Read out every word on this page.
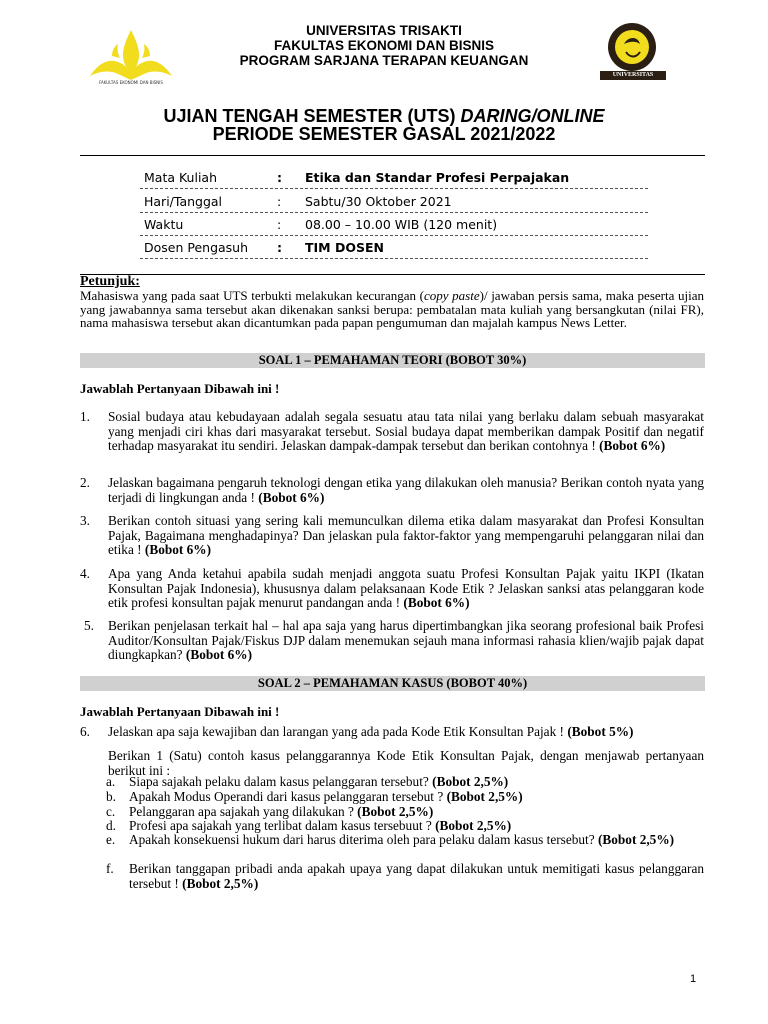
FAKULTAS EKONOMI DAN BISNIS
UNIVERSITAS TRISAKTI
UNIVERSITAS TRISAKTI
FAKULTAS EKONOMI DAN BISNIS
PROGRAM SARJANA TERAPAN KEUANGAN
UJIAN TENGAH SEMESTER (UTS) DARING/ONLINE
PERIODE SEMESTER GASAL 2021/2022
Mata Kuliah	: Etika dan Standar Profesi Perpajakan
Hari/Tanggal	: Sabtu/30 Oktober 2021
Waktu	: 08.00 – 10.00 WIB (120 menit)
Dosen Pengasuh : TIM DOSEN
Petunjuk:
Mahasiswa yang pada saat UTS terbukti melakukan kecurangan (copy paste)/ jawaban persis sama, maka peserta ujian yang jawabannya sama tersebut akan dikenakan sanksi berupa: pembatalan mata kuliah yang bersangkutan (nilai FR), nama mahasiswa tersebut akan dicantumkan pada papan pengumuman dan majalah kampus News Letter.
SOAL 1 – PEMAHAMAN TEORI (BOBOT 30%)
Jawablah Pertanyaan Dibawah ini !
1. Sosial budaya atau kebudayaan adalah segala sesuatu atau tata nilai yang berlaku dalam sebuah masyarakat yang menjadi ciri khas dari masyarakat tersebut. Sosial budaya dapat memberikan dampak Positif dan negatif terhadap masyarakat itu sendiri. Jelaskan dampak-dampak tersebut dan berikan contohnya ! (Bobot 6%)
2. Jelaskan bagaimana pengaruh teknologi dengan etika yang dilakukan oleh manusia? Berikan contoh nyata yang terjadi di lingkungan anda ! (Bobot 6%)
3. Berikan contoh situasi yang sering kali memunculkan dilema etika dalam masyarakat dan Profesi Konsultan Pajak, Bagaimana menghadapinya? Dan jelaskan pula faktor-faktor yang mempengaruhi pelanggaran nilai dan etika ! (Bobot 6%)
4. Apa yang Anda ketahui apabila sudah menjadi anggota suatu Profesi Konsultan Pajak yaitu IKPI (Ikatan Konsultan Pajak Indonesia), khususnya dalam pelaksanaan Kode Etik ? Jelaskan sanksi atas pelanggaran kode etik profesi konsultan pajak menurut pandangan anda ! (Bobot 6%)
5. Berikan penjelasan terkait hal – hal apa saja yang harus dipertimbangkan jika seorang profesional baik Profesi Auditor/Konsultan Pajak/Fiskus DJP dalam menemukan sejauh mana informasi rahasia klien/wajib pajak dapat diungkapkan? (Bobot 6%)
SOAL 2 – PEMAHAMAN KASUS (BOBOT 40%)
Jawablah Pertanyaan Dibawah ini !
6. Jelaskan apa saja kewajiban dan larangan yang ada pada Kode Etik Konsultan Pajak ! (Bobot 5%)
Berikan 1 (Satu) contoh kasus pelanggarannya Kode Etik Konsultan Pajak, dengan menjawab pertanyaan berikut ini :
a. Siapa sajakah pelaku dalam kasus pelanggaran tersebut? (Bobot 2,5%)
b. Apakah Modus Operandi dari kasus pelanggaran tersebut ? (Bobot 2,5%)
c. Pelanggaran apa sajakah yang dilakukan ? (Bobot 2,5%)
d. Profesi apa sajakah yang terlibat dalam kasus tersebuut ? (Bobot 2,5%)
e. Apakah konsekuensi hukum dari harus diterima oleh para pelaku dalam kasus tersebut? (Bobot 2,5%)
f. Berikan tanggapan pribadi anda apakah upaya yang dapat dilakukan untuk memitigati kasus pelanggaran tersebut ! (Bobot 2,5%)
1
